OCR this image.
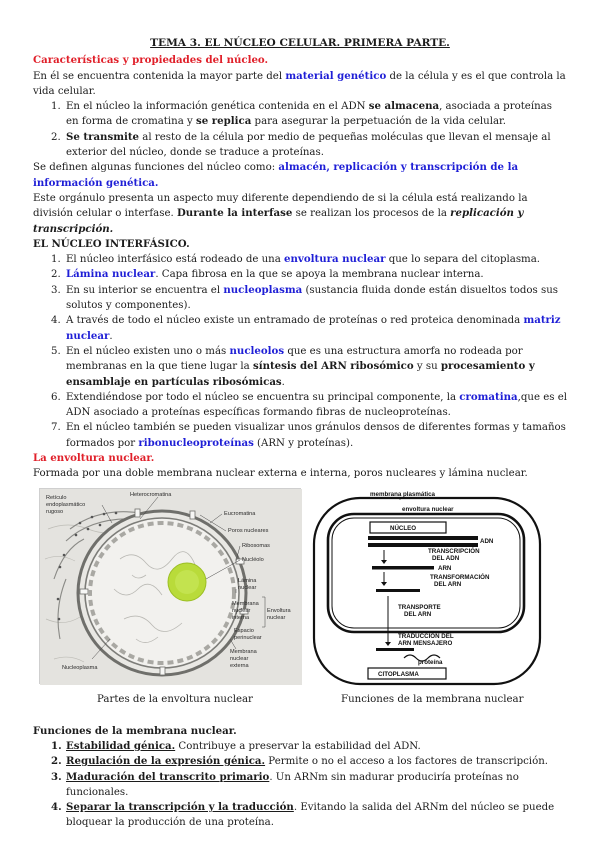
TEMA 3. EL NÚCLEO CELULAR. PRIMERA PARTE.

Características y propiedades del núcleo.

En él se encuentra contenida la mayor parte del material genético de la célula y es el que controla la vida celular.

1. En el núcleo la información genética contenida en el ADN se almacena, asociada a proteínas en forma de cromatina y se replica para asegurar la perpetuación de la vida celular.
2. Se transmite al resto de la célula por medio de pequeñas moléculas que llevan el mensaje al exterior del núcleo, donde se traduce a proteínas.

Se definen algunas funciones del núcleo como: almacén, replicación y transcripción de la información genética.

Este orgánulo presenta un aspecto muy diferente dependiendo de si la célula está realizando la división celular o interfase. Durante la interfase se realizan los procesos de la replicación y transcripción.

EL NÚCLEO INTERFÁSICO.

1. El núcleo interfásico está rodeado de una envoltura nuclear que lo separa del citoplasma.
2. Lámina nuclear. Capa fibrosa en la que se apoya la membrana nuclear interna.
3. En su interior se encuentra el nucleoplasma (sustancia fluida donde están disueltos todos sus solutos y componentes).
4. A través de todo el núcleo existe un entramado de proteínas o red proteica denominada matriz nuclear.
5. En el núcleo existen uno o más nucleolos que es una estructura amorfa no rodeada por membranas en la que tiene lugar la síntesis del ARN ribosómico y su procesamiento y ensamblaje en partículas ribosómicas.
6. Extendiéndose por todo el núcleo se encuentra su principal componente, la cromatina,que es el ADN asociado a proteínas específicas formando fibras de nucleoproteínas.
7. En el núcleo también se pueden visualizar unos gránulos densos de diferentes formas y tamaños formados por ribonucleoproteínas (ARN y proteínas).

La envoltura nuclear.

Formada por una doble membrana nuclear externa e interna, poros nucleares y lámina nuclear.

Retículo
endoplasmático
rugoso
Heterocromatina
Eucromatina
Poros nucleares
Ribosomas
Nucléolo
Lámina
nuclear
Membrana
nuclear
interna
Envoltura
nuclear
Espacio
perinuclear
Membrana
nuclear
externa
Nucleoplasma
membrana plasmática
envoltura nuclear
NÚCLEO
ADN
TRANSCRIPCIÓN
DEL ADN
ARN
TRANSFORMACIÓN
DEL ARN
TRANSPORTE
DEL ARN
TRADUCCIÓN DEL
ARN MENSAJERO
proteína
CITOPLASMA

Partes de la envoltura nuclear	Funciones de la membrana nuclear

Funciones de la membrana nuclear.

1. Estabilidad génica. Contribuye a preservar la estabilidad del ADN.
2. Regulación de la expresión génica. Permite o no el acceso a los factores de transcripción.
3. Maduración del transcrito primario. Un ARNm sin madurar produciría proteínas no funcionales.
4. Separar la transcripción y la traducción. Evitando la salida del ARNm del núcleo se puede bloquear la producción de una proteína.
